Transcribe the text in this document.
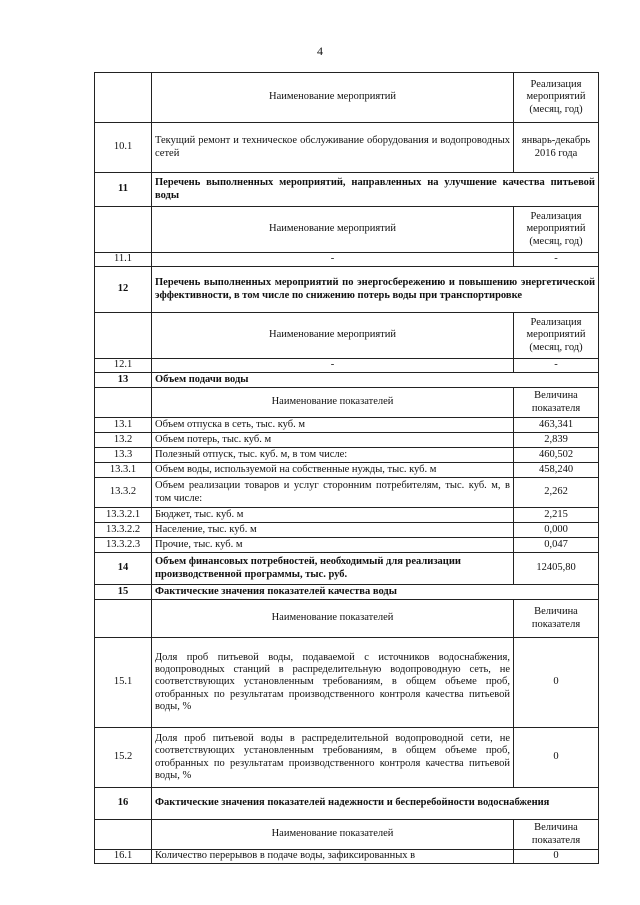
4
	Наименование мероприятий	Реализация мероприятий (месяц, год)
10.1	Текущий ремонт и техническое обслуживание оборудования и водопроводных сетей	январь-декабрь 2016 года
11	Перечень выполненных мероприятий, направленных на улучшение качества питьевой воды	
	Наименование мероприятий	Реализация мероприятий (месяц, год)
11.1	-	-
12	Перечень выполненных мероприятий по энергосбережению и повышению энергетической эффективности, в том числе по снижению потерь воды при транспортировке	
	Наименование мероприятий	Реализация мероприятий (месяц, год)
12.1	-	-
13	Объем подачи воды	
	Наименование показателей	Величина показателя
13.1	Объем отпуска в сеть, тыс. куб. м	463,341
13.2	Объем потерь, тыс. куб. м	2,839
13.3	Полезный отпуск, тыс. куб. м, в том числе:	460,502
13.3.1	Объем воды, используемой на собственные нужды, тыс. куб. м	458,240
13.3.2	Объем реализации товаров и услуг сторонним потребителям, тыс. куб. м, в том числе:	2,262
13.3.2.1	Бюджет, тыс. куб. м	2,215
13.3.2.2	Население, тыс. куб. м	0,000
13.3.2.3	Прочие, тыс. куб. м	0,047
14	Объем финансовых потребностей, необходимый для реализации производственной программы, тыс. руб.	12405,80
15	Фактические значения показателей качества воды	
	Наименование показателей	Величина показателя
15.1	Доля проб питьевой воды, подаваемой с источников водоснабжения, водопроводных станций в распределительную водопроводную сеть, не соответствующих установленным требованиям, в общем объеме проб, отобранных по результатам производственного контроля качества питьевой воды, %	0
15.2	Доля проб питьевой воды в распределительной водопроводной сети, не соответствующих установленным требованиям, в общем объеме проб, отобранных по результатам производственного контроля качества питьевой воды, %	0
16	Фактические значения показателей надежности и бесперебойности водоснабжения	
	Наименование показателей	Величина показателя
16.1	Количество перерывов в подаче воды, зафиксированных в	0
